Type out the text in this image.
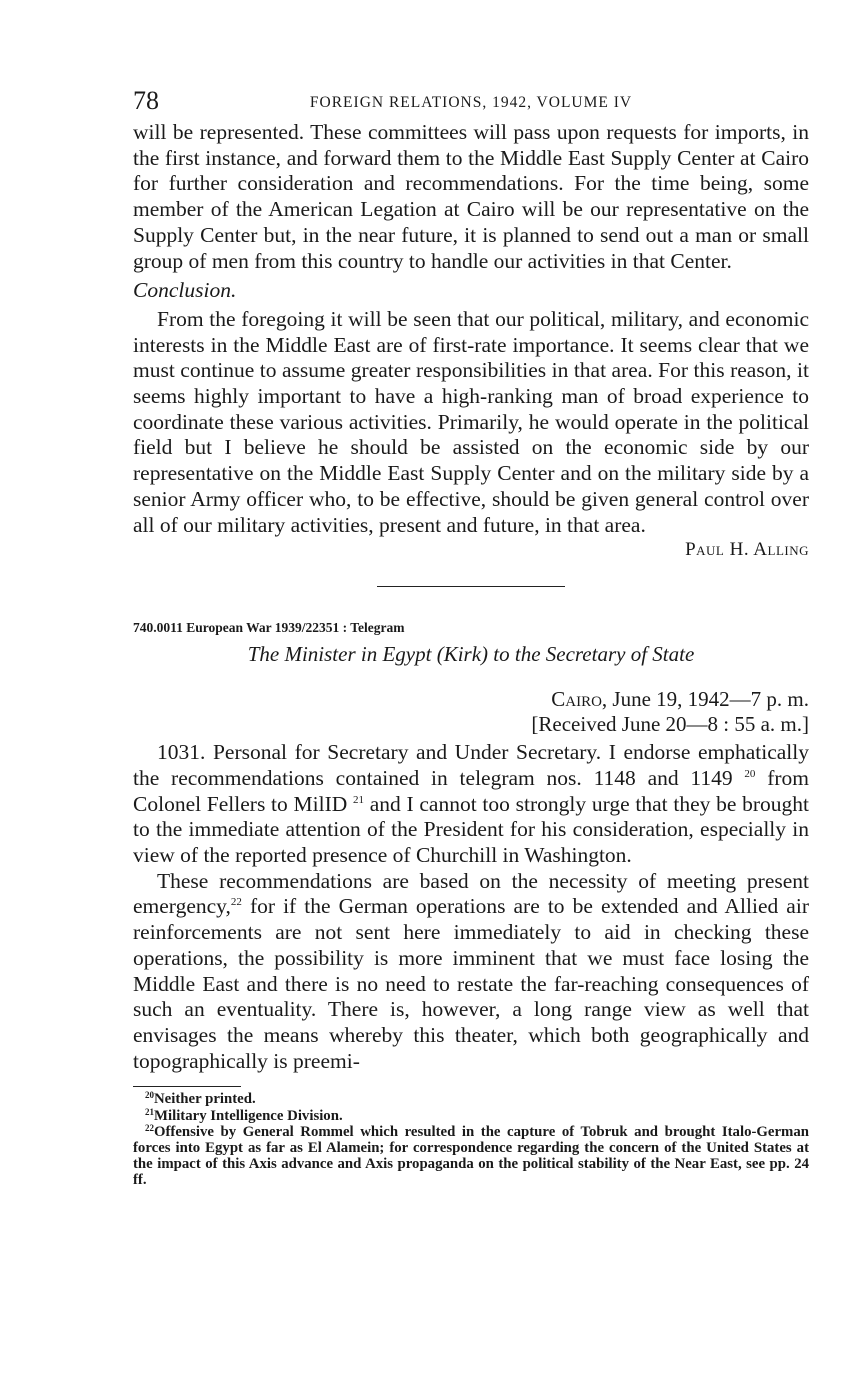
78	FOREIGN RELATIONS, 1942, VOLUME IV

will be represented. These committees will pass upon requests for imports, in the first instance, and forward them to the Middle East Supply Center at Cairo for further consideration and recommendations. For the time being, some member of the American Legation at Cairo will be our representative on the Supply Center but, in the near future, it is planned to send out a man or small group of men from this country to handle our activities in that Center.

Conclusion.

From the foregoing it will be seen that our political, military, and economic interests in the Middle East are of first-rate importance. It seems clear that we must continue to assume greater responsibilities in that area. For this reason, it seems highly important to have a high-ranking man of broad experience to coordinate these various activities. Primarily, he would operate in the political field but I believe he should be assisted on the economic side by our representative on the Middle East Supply Center and on the military side by a senior Army officer who, to be effective, should be given general control over all of our military activities, present and future, in that area.

Paul H. Alling
740.0011 European War 1939/22351 : Telegram
The Minister in Egypt (Kirk) to the Secretary of State
Cairo, June 19, 1942—7 p. m.
[Received June 20—8 : 55 a. m.]

1031. Personal for Secretary and Under Secretary. I endorse emphatically the recommendations contained in telegram nos. 1148 and 1149 $^{20}$ from Colonel Fellers to MilID $^{21}$ and I cannot too strongly urge that they be brought to the immediate attention of the President for his consideration, especially in view of the reported presence of Churchill in Washington.

These recommendations are based on the necessity of meeting present emergency,$^{22}$ for if the German operations are to be extended and Allied air reinforcements are not sent here immediately to aid in checking these operations, the possibility is more imminent that we must face losing the Middle East and there is no need to restate the far-reaching consequences of such an eventuality. There is, however, a long range view as well that envisages the means whereby this theater, which both geographically and topographically is preemi-

$^{20}$Neither printed.

$^{21}$Military Intelligence Division.

$^{22}$Offensive by General Rommel which resulted in the capture of Tobruk and brought Italo-German forces into Egypt as far as El Alamein; for correspondence regarding the concern of the United States at the impact of this Axis advance and Axis propaganda on the political stability of the Near East, see pp. 24 ff.
